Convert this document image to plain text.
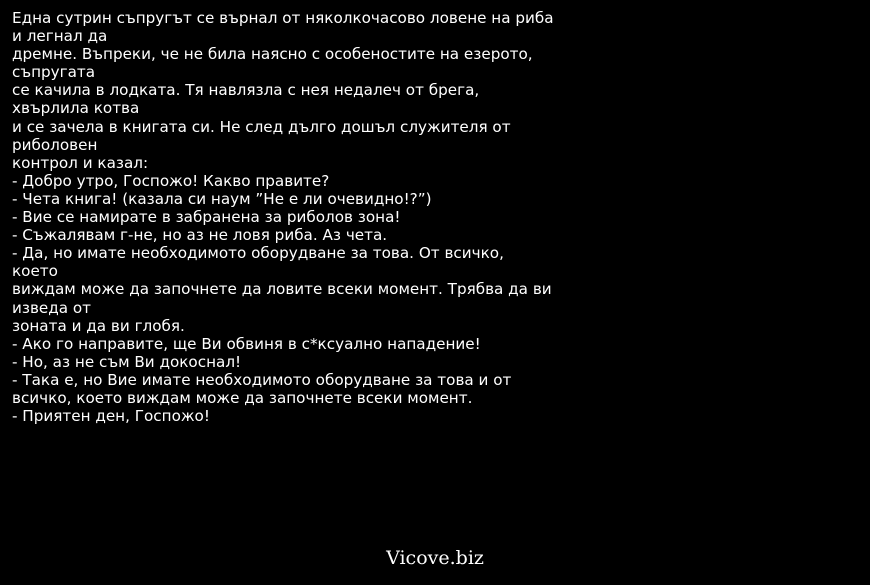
Една сутрин съпругът се върнал от няколкочасово ловене на риба
и легнал да
дремне. Въпреки, че не била наясно с особеностите на езерото,
съпругата
се качила в лодката. Тя навлязла с нея недалеч от брега,
хвърлила котва
и се зачела в книгата си. Не след дълго дошъл служителя от
риболовен
контрол и казал:
- Добро утро, Госпожо! Какво правите?
- Чета книга! (казала си наум ”Не е ли очевидно!?”)
- Вие се намирате в забранена за риболов зона!
- Съжалявам г-не, но аз не ловя риба. Аз чета.
- Да, но имате необходимото оборудване за това. От всичко,
което
виждам може да започнете да ловите всеки момент. Трябва да ви
изведа от
зоната и да ви глобя.
- Ако го направите, ще Ви обвиня в с*ксуално нападение!
- Но, аз не съм Ви докоснал!
- Така е, но Вие имате необходимото оборудване за това и от
всичко, което виждам може да започнете всеки момент.
- Приятен ден, Госпожо!
Vicove.biz
